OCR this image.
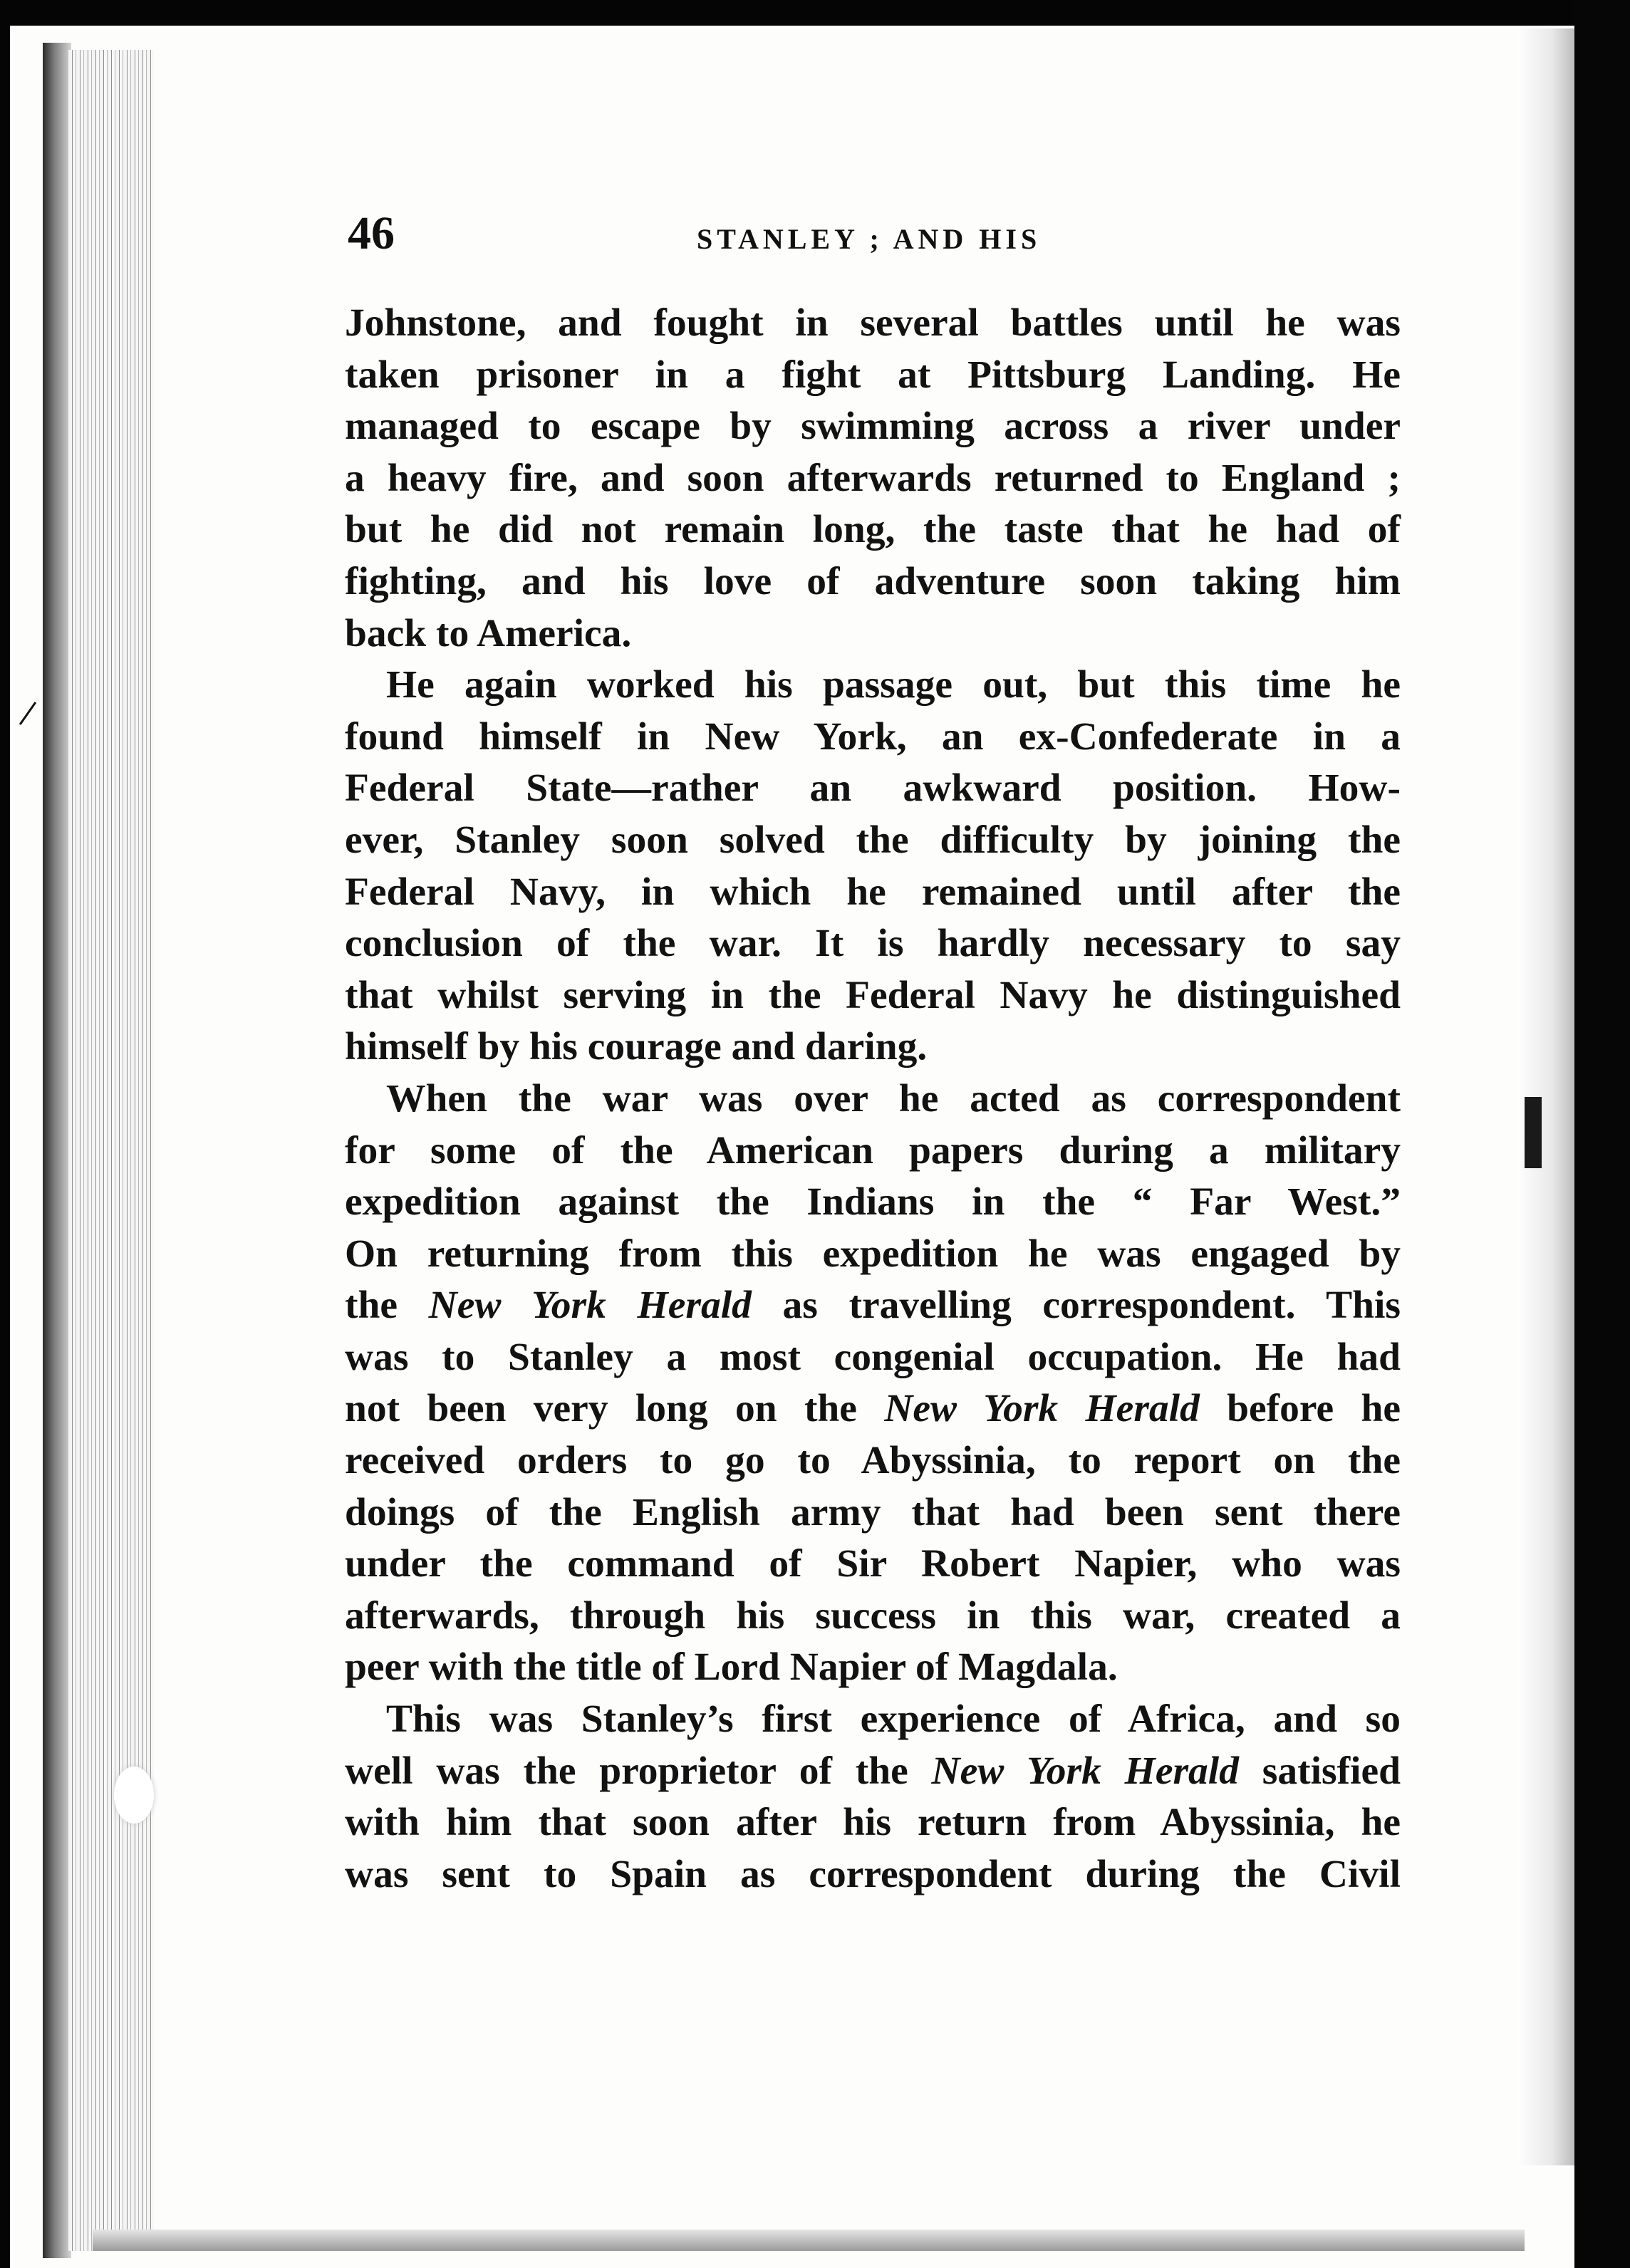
46	STANLEY ; AND HIS
Johnstone, and fought in several battles until he was
taken prisoner in a fight at Pittsburg Landing. He
managed to escape by swimming across a river under
a heavy fire, and soon afterwards returned to England ;
but he did not remain long, the taste that he had of
fighting, and his love of adventure soon taking him
back to America.
He again worked his passage out, but this time he
found himself in New York, an ex-Confederate in a
Federal State—rather an awkward position. How-
ever, Stanley soon solved the difficulty by joining the
Federal Navy, in which he remained until after the
conclusion of the war. It is hardly necessary to say
that whilst serving in the Federal Navy he distinguished
himself by his courage and daring.
When the war was over he acted as correspondent
for some of the American papers during a military
expedition against the Indians in the “ Far West.”
On returning from this expedition he was engaged by
the New York Herald as travelling correspondent. This
was to Stanley a most congenial occupation. He had
not been very long on the New York Herald before he
received orders to go to Abyssinia, to report on the
doings of the English army that had been sent there
under the command of Sir Robert Napier, who was
afterwards, through his success in this war, created a
peer with the title of Lord Napier of Magdala.
This was Stanley’s first experience of Africa, and so
well was the proprietor of the New York Herald satisfied
with him that soon after his return from Abyssinia, he
was sent to Spain as correspondent during the Civil
